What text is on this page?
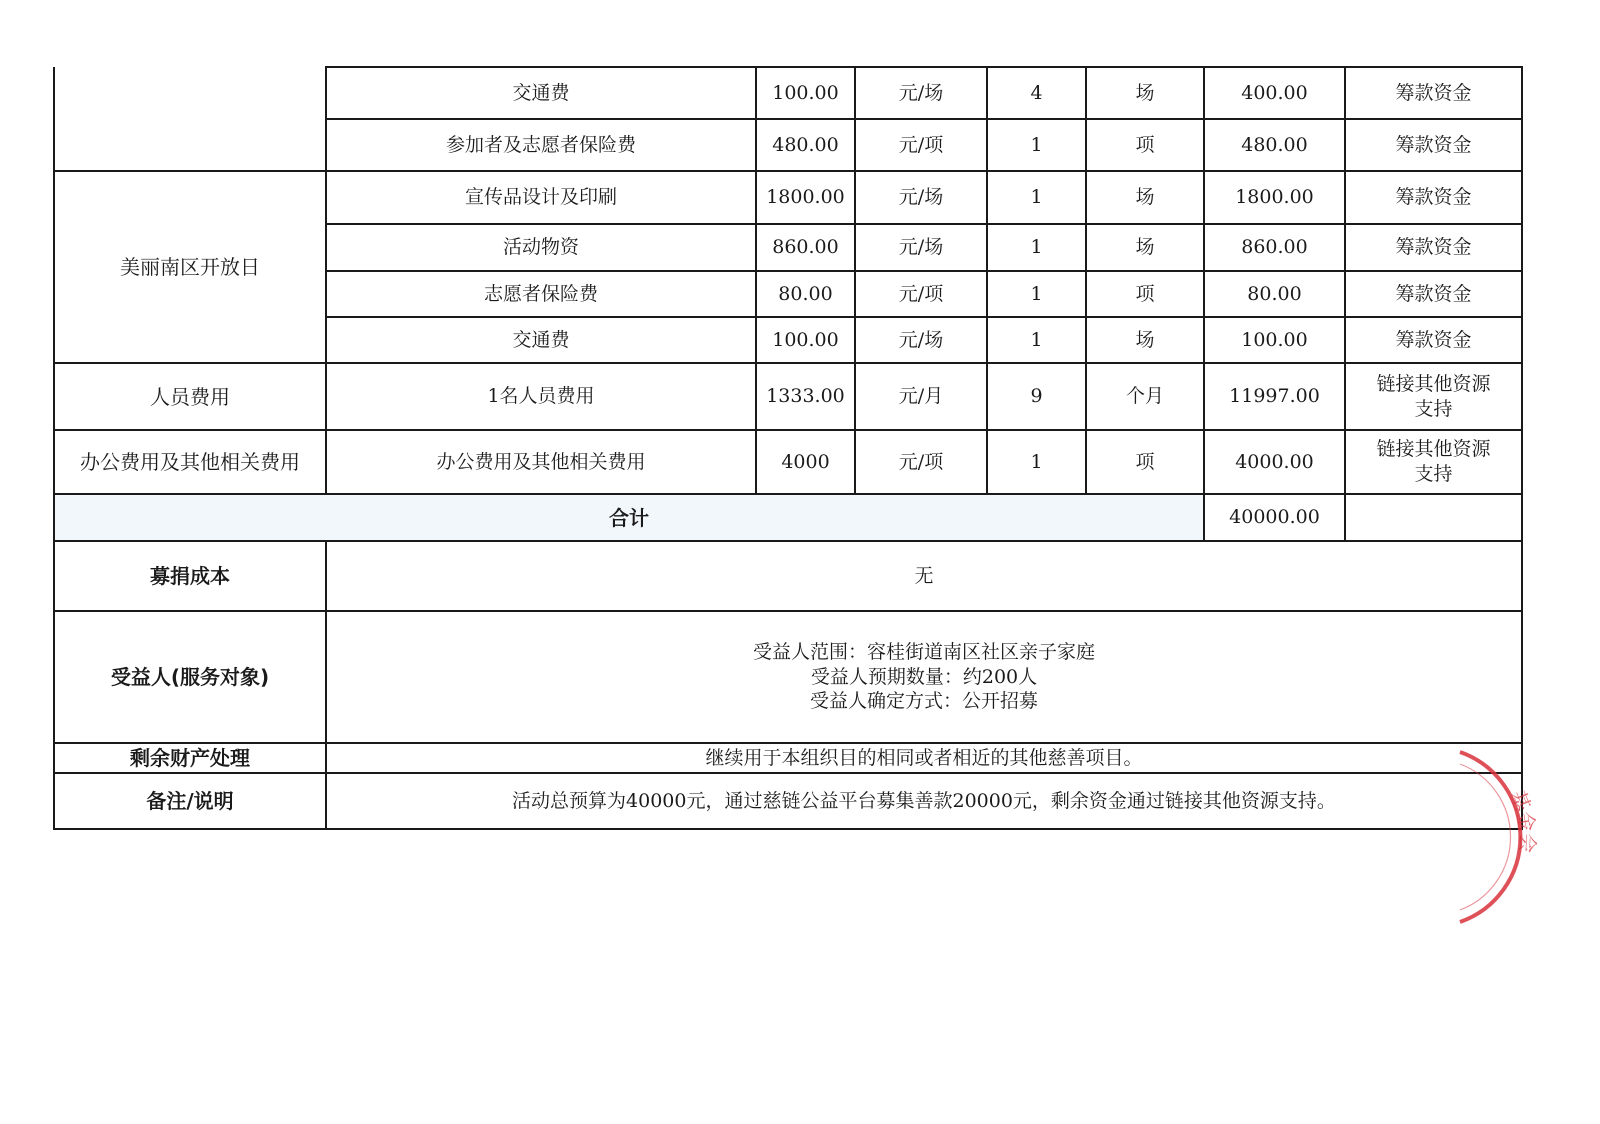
	交通费	100.00	元/场	4	场	400.00	筹款资金
	参加者及志愿者保险费	480.00	元/项	1	项	480.00	筹款资金
美丽南区开放日	宣传品设计及印刷	1800.00	元/场	1	场	1800.00	筹款资金
	活动物资	860.00	元/场	1	场	860.00	筹款资金
	志愿者保险费	80.00	元/项	1	项	80.00	筹款资金
	交通费	100.00	元/场	1	场	100.00	筹款资金
人员费用	1名人员费用	1333.00	元/月	9	个月	11997.00	链接其他资源
支持

办公费用及其他相关费用	办公费用及其他相关费用	4000	元/项	1	项	4000.00	链接其他资源
支持

合计						40000.00	
募捐成本	无						
受益人(服务对象)	受益人范围：容桂街道南区社区亲子家庭
受益人预期数量：约200人
受益人确定方式：公开招募						

剩余财产处理	继续用于本组织目的相同或者相近的其他慈善项目。						
备注/说明	活动总预算为40000元，通过慈链公益平台募集善款20000元，剩余资金通过链接其他资源支持。							基金会
